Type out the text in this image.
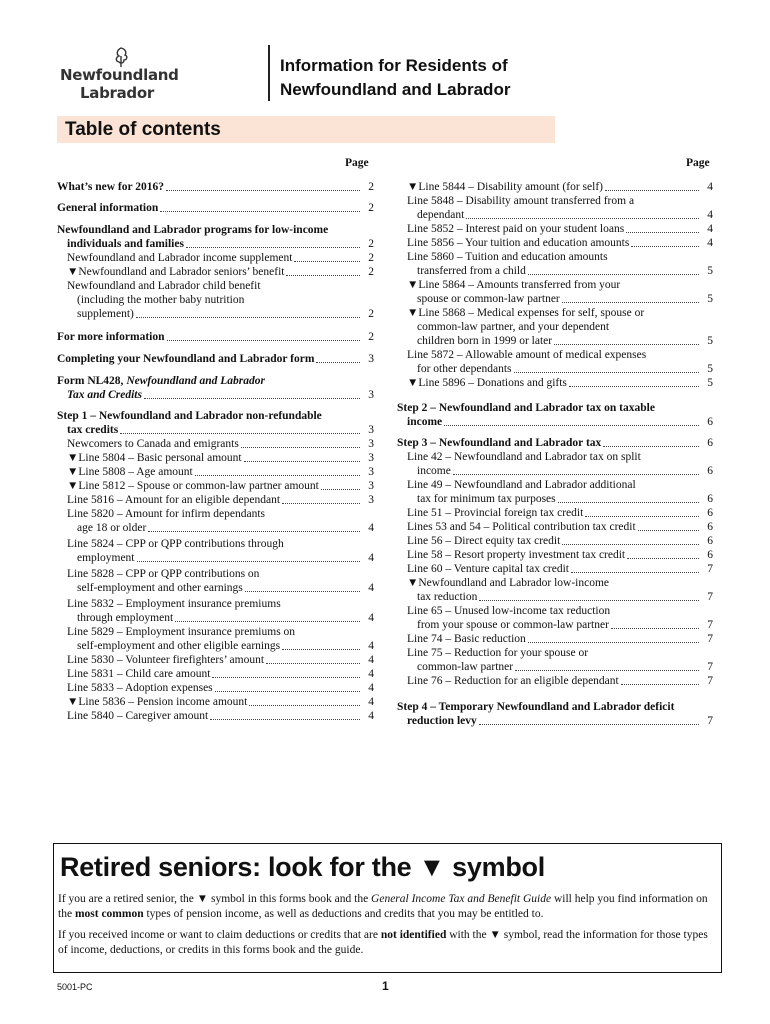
Newfoundland
Labrador
Information for Residents of
Newfoundland and Labrador
Table of contents
Page	Page
What’s new for 2016?	2
General information	2
Newfoundland and Labrador programs for low-income
individuals and families	2
Newfoundland and Labrador income supplement	2
▼Newfoundland and Labrador seniors’ benefit	2
Newfoundland and Labrador child benefit
(including the mother baby nutrition
supplement)	2
For more information	2
Completing your Newfoundland and Labrador form	3
Form NL428, Newfoundland and Labrador
Tax and Credits	3
Step 1 – Newfoundland and Labrador non-refundable
tax credits	3
Newcomers to Canada and emigrants	3
▼Line 5804 – Basic personal amount	3
▼Line 5808 – Age amount	3
▼Line 5812 – Spouse or common-law partner amount	3
Line 5816 – Amount for an eligible dependant	3
Line 5820 – Amount for infirm dependants
age 18 or older	4
Line 5824 – CPP or QPP contributions through
employment	4
Line 5828 – CPP or QPP contributions on
self-employment and other earnings	4
Line 5832 – Employment insurance premiums
through employment	4
Line 5829 – Employment insurance premiums on
self-employment and other eligible earnings	4
Line 5830 – Volunteer firefighters’ amount	4
Line 5831 – Child care amount	4
Line 5833 – Adoption expenses	4
▼Line 5836 – Pension income amount	4
Line 5840 – Caregiver amount	4
▼Line 5844 – Disability amount (for self)	4
Line 5848 – Disability amount transferred from a
dependant	4
Line 5852 – Interest paid on your student loans	4
Line 5856 – Your tuition and education amounts	4
Line 5860 – Tuition and education amounts
transferred from a child	5
▼Line 5864 – Amounts transferred from your
spouse or common-law partner	5
▼Line 5868 – Medical expenses for self, spouse or
common-law partner, and your dependent
children born in 1999 or later	5
Line 5872 – Allowable amount of medical expenses
for other dependants	5
▼Line 5896 – Donations and gifts	5
Step 2 – Newfoundland and Labrador tax on taxable
income	6
Step 3 – Newfoundland and Labrador tax	6
Line 42 – Newfoundland and Labrador tax on split
income	6
Line 49 – Newfoundland and Labrador additional
tax for minimum tax purposes	6
Line 51 – Provincial foreign tax credit	6
Lines 53 and 54 – Political contribution tax credit	6
Line 56 – Direct equity tax credit	6
Line 58 – Resort property investment tax credit	6
Line 60 – Venture capital tax credit	7
▼Newfoundland and Labrador low-income
tax reduction	7
Line 65 – Unused low-income tax reduction
from your spouse or common-law partner	7
Line 74 – Basic reduction	7
Line 75 – Reduction for your spouse or
common-law partner	7
Line 76 – Reduction for an eligible dependant	7
Step 4 – Temporary Newfoundland and Labrador deficit
reduction levy	7
Retired seniors: look for the ▼ symbol

If you are a retired senior, the ▼ symbol in this forms book and the General Income Tax and Benefit Guide will help you find information on the most common types of pension income, as well as deductions and credits that you may be entitled to.

If you received income or want to claim deductions or credits that are not identified with the ▼ symbol, read the information for those types of income, deductions, or credits in this forms book and the guide.

5001-PC	1
